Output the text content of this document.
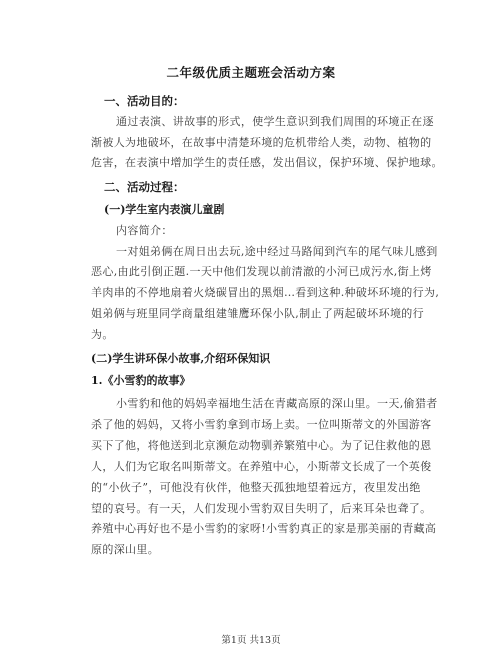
二年级优质主题班会活动方案
一、活动目的：
通过表演、讲故事的形式，使学生意识到我们周围的环境正在逐
渐被人为地破坏，在故事中清楚环境的危机带给人类，动物、植物的
危害，在表演中增加学生的责任感，发出倡议，保护环境、保护地球。
二、活动过程：
(一)学生室内表演儿童剧
内容简介：
一对姐弟俩在周日出去玩,途中经过马路闻到汽车的尾气味儿感到
恶心,由此引倒正题.一天中他们发现以前清澈的小河已成污水,街上烤
羊肉串的不停地扇着火烧碳冒出的黑烟…看到这种.种破坏环境的行为,
姐弟俩与班里同学商量组建雏鹰环保小队,制止了两起破坏环境的行
为。
(二)学生讲环保小故事,介绍环保知识
1.《小雪豹的故事》
小雪豹和他的妈妈幸福地生活在青藏高原的深山里。一天,偷猎者
杀了他的妈妈，又将小雪豹拿到市场上卖。一位叫斯蒂文的外国游客
买下了他，将他送到北京濒危动物驯养繁殖中心。为了记住救他的恩
人，人们为它取名叫斯蒂文。在养殖中心，小斯蒂文长成了一个英俊
的“小伙子”，可他没有伙伴，他整天孤独地望着远方，夜里发出绝
望的哀号。有一天，人们发现小雪豹双目失明了，后来耳朵也聋了。
养殖中心再好也不是小雪豹的家呀!小雪豹真正的家是那美丽的青藏高
原的深山里。
第1页 共13页
